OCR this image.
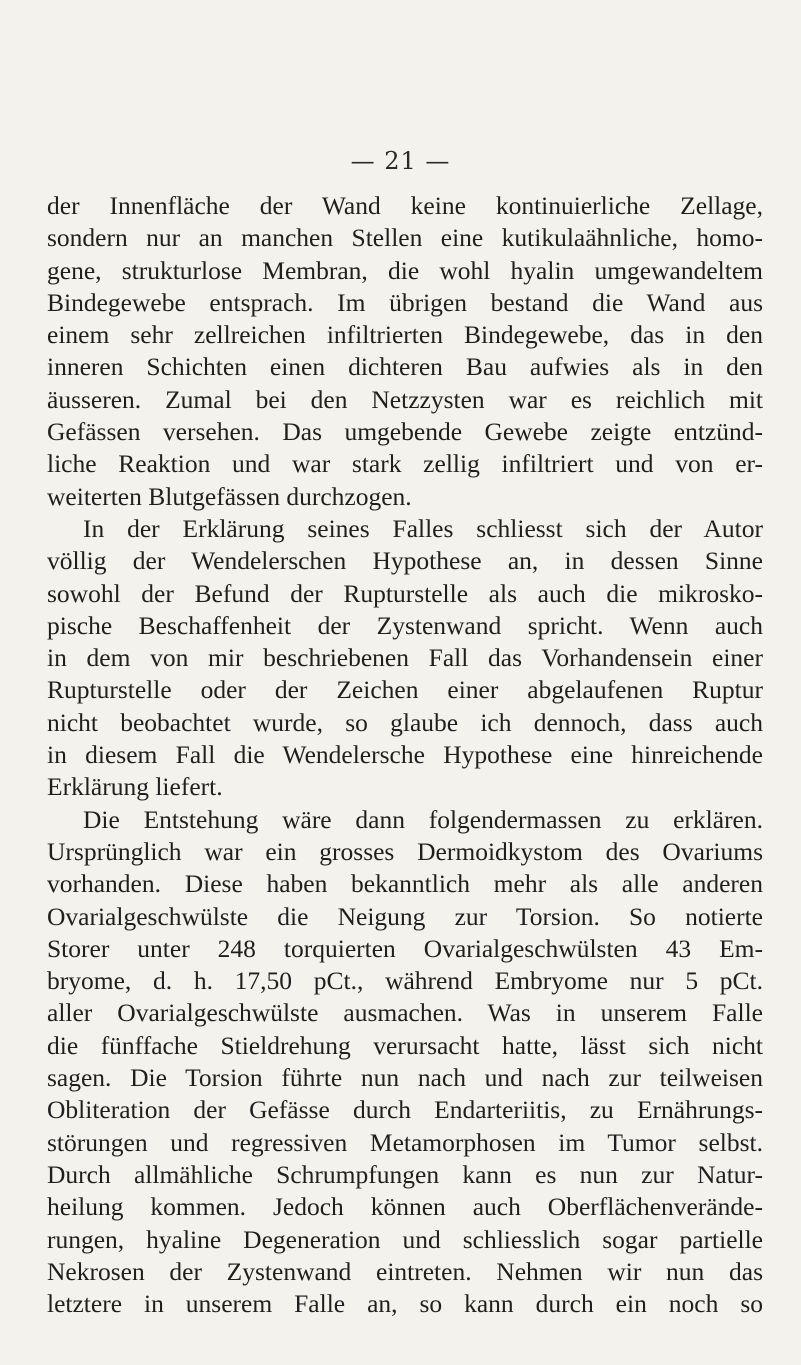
— 21 —
der Innenfläche der Wand keine kontinuierliche Zellage,
sondern nur an manchen Stellen eine kutikulaähnliche, homo-
gene, strukturlose Membran, die wohl hyalin umgewandeltem
Bindegewebe entsprach. Im übrigen bestand die Wand aus
einem sehr zellreichen infiltrierten Bindegewebe, das in den
inneren Schichten einen dichteren Bau aufwies als in den
äusseren. Zumal bei den Netzzysten war es reichlich mit
Gefässen versehen. Das umgebende Gewebe zeigte entzünd-
liche Reaktion und war stark zellig infiltriert und von er-
weiterten Blutgefässen durchzogen.
In der Erklärung seines Falles schliesst sich der Autor
völlig der Wendelerschen Hypothese an, in dessen Sinne
sowohl der Befund der Rupturstelle als auch die mikrosko-
pische Beschaffenheit der Zystenwand spricht. Wenn auch
in dem von mir beschriebenen Fall das Vorhandensein einer
Rupturstelle oder der Zeichen einer abgelaufenen Ruptur
nicht beobachtet wurde, so glaube ich dennoch, dass auch
in diesem Fall die Wendelersche Hypothese eine hinreichende
Erklärung liefert.
Die Entstehung wäre dann folgendermassen zu erklären.
Ursprünglich war ein grosses Dermoidkystom des Ovariums
vorhanden. Diese haben bekanntlich mehr als alle anderen
Ovarialgeschwülste die Neigung zur Torsion. So notierte
Storer unter 248 torquierten Ovarialgeschwülsten 43 Em-
bryome, d. h. 17,50 pCt., während Embryome nur 5 pCt.
aller Ovarialgeschwülste ausmachen. Was in unserem Falle
die fünffache Stieldrehung verursacht hatte, lässt sich nicht
sagen. Die Torsion führte nun nach und nach zur teilweisen
Obliteration der Gefässe durch Endarteriitis, zu Ernährungs-
störungen und regressiven Metamorphosen im Tumor selbst.
Durch allmähliche Schrumpfungen kann es nun zur Natur-
heilung kommen. Jedoch können auch Oberflächenverände-
rungen, hyaline Degeneration und schliesslich sogar partielle
Nekrosen der Zystenwand eintreten. Nehmen wir nun das
letztere in unserem Falle an, so kann durch ein noch so
